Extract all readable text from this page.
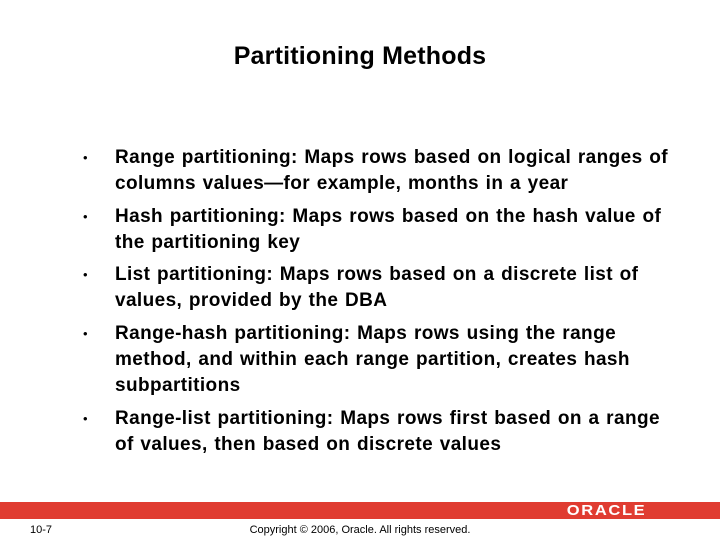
Partitioning Methods
• Range partitioning: Maps rows based on logical ranges of columns values—for example, months in a year
• Hash partitioning: Maps rows based on the hash value of the partitioning key
• List partitioning: Maps rows based on a discrete list of values, provided by the DBA
• Range-hash partitioning: Maps rows using the range method, and within each range partition, creates hash subpartitions
• Range-list partitioning: Maps rows first based on a range of values, then based on discrete values
ORACLE
10-7	Copyright © 2006, Oracle. All rights reserved.
